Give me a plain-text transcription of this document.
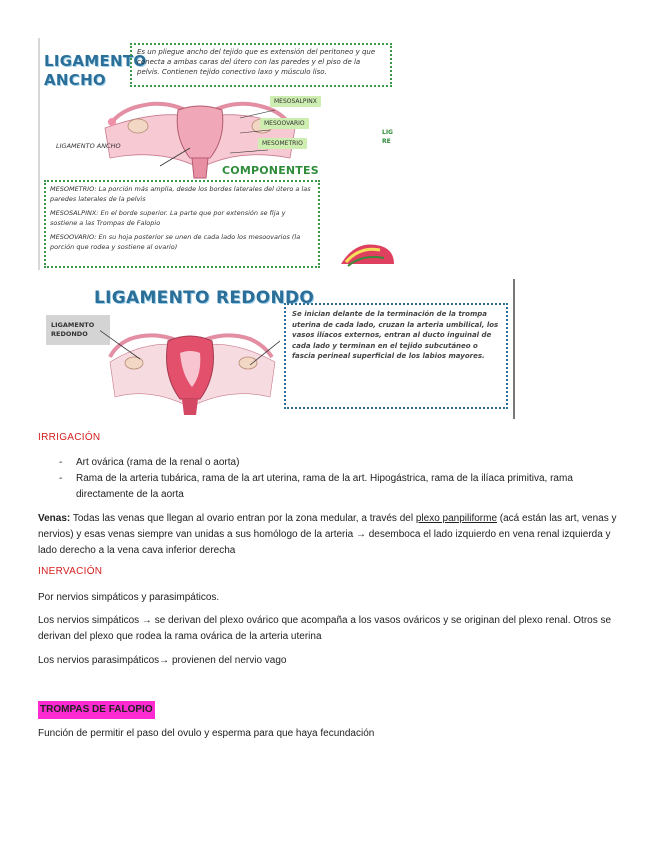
LIGAMENTO
ANCHO
Es un pliegue ancho del tejido que es extensión del peritoneo y que conecta a ambas caras del útero con las paredes y el piso de la pelvis. Contienen tejido conectivo laxo y músculo liso.
MESOSALPINX
MESOOVARIO
MESOMETRIO
LIGAMENTO ANCHO
COMPONENTES

MESOMETRIO: La porción más amplia, desde los bordes laterales del útero a las paredes laterales de la pelvis

MESOSALPINX: En el borde superior. La parte que por extensión se fija y sostiene a las Trompas de Falopio

MESOOVARIO: En su hoja posterior se unen de cada lado los mesoovarios (la porción que rodea y sostiene al ovario)

LIG
RE
LIGAMENTO REDONDO
LIGAMENTO
REDONDO
Se inician delante de la terminación de la trompa uterina de cada lado, cruzan la arteria umbilical, los vasos ilíacos externos, entran al ducto inguinal de cada lado y terminan en el tejido subcutáneo o fascia perineal superficial de los labios mayores.
IRRIGACIÓN
-	Art ovárica (rama de la renal o aorta)
-	Rama de la arteria tubárica, rama de la art uterina, rama de la art. Hipogástrica, rama de la ilíaca primitiva, rama directamente de la aorta
Venas: Todas las venas que llegan al ovario entran por la zona medular, a través del plexo panpiliforme (acá están las art, venas y nervios) y esas venas siempre van unidas a sus homólogo de la arteria → desemboca el lado izquierdo en vena renal izquierda y lado derecho a la vena cava inferior derecha
INERVACIÓN
Por nervios simpáticos y parasimpáticos.
Los nervios simpáticos → se derivan del plexo ovárico que acompaña a los vasos ováricos y se originan del plexo renal. Otros se derivan del plexo que rodea la rama ovárica de la arteria uterina
Los nervios parasimpáticos→ provienen del nervio vago
TROMPAS DE FALOPIO
Función de permitir el paso del ovulo y esperma para que haya fecundación
